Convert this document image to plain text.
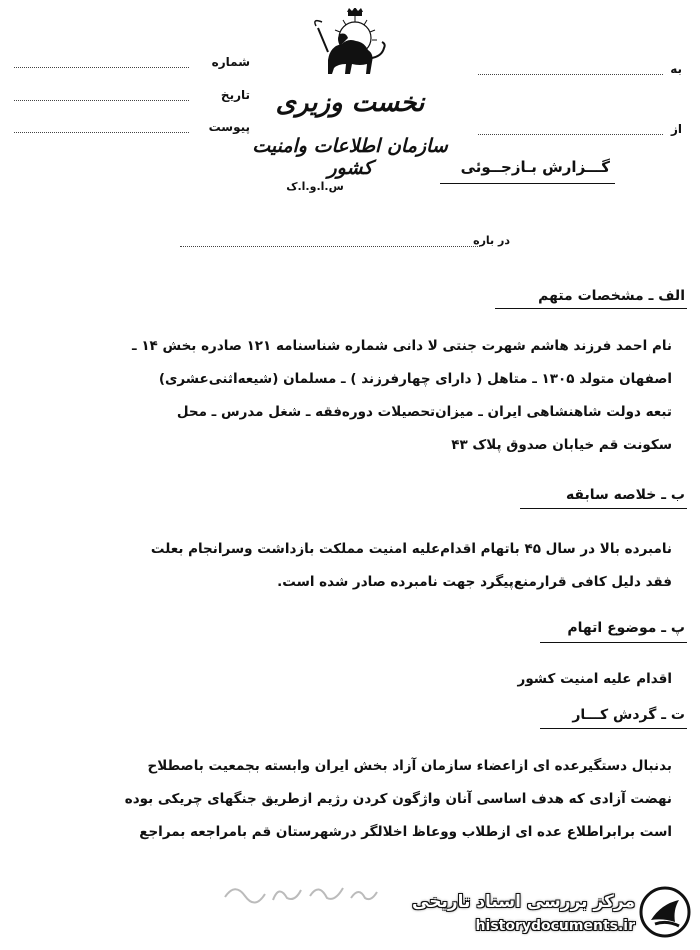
شماره
تاریخ
پیوست
به
از
نخست وزیری
سازمان اطلاعات وامنیت کشور
س.ا.و.ا.ک
گـــزارش بـازجــوئی
در باره
الف ـ مشخصات متهم
نام احمد فرزند هاشم شهرت جنتی لا دانی شماره شناسنامه ۱۲۱ صادره بخش ۱۴ ـ
اصفهان متولد ۱۳۰۵ ـ متاهل ( دارای چهارفرزند ) ـ مسلمان (شیعه‌اثنی‌عشری)
تبعه دولت شاهنشاهی ایران ـ میزان‌تحصیلات دوره‌فقه ـ شغل مدرس ـ محل
سکونت قم خیابان صدوق پلاک ۴۳
ب ـ خلاصه سابقه
نامبرده بالا در سال ۴۵ باتهام اقدام‌علیه امنیت مملکت بازداشت وسرانجام بعلت
فقد دلیل کافی قرارمنع‌پیگرد جهت نامبرده صادر شده است.
پ ـ موضوع اتهام
اقدام علیه امنیت کشور
ت ـ گردش کـــار
بدنبال دستگیرعده ای ازاعضاء سازمان آزاد بخش ایران وابسته بجمعیت باصطلاح
نهضت آزادی که هدف اساسی آنان واژگون کردن رژیم ازطریق جنگهای چریکی بوده
است برابراطلاع عده ای ازطلاب ووعاظ اخلالگر درشهرستان قم بامراجعه بمراجع
مرکز بررسی اسناد تاریخی
historydocuments.ir
